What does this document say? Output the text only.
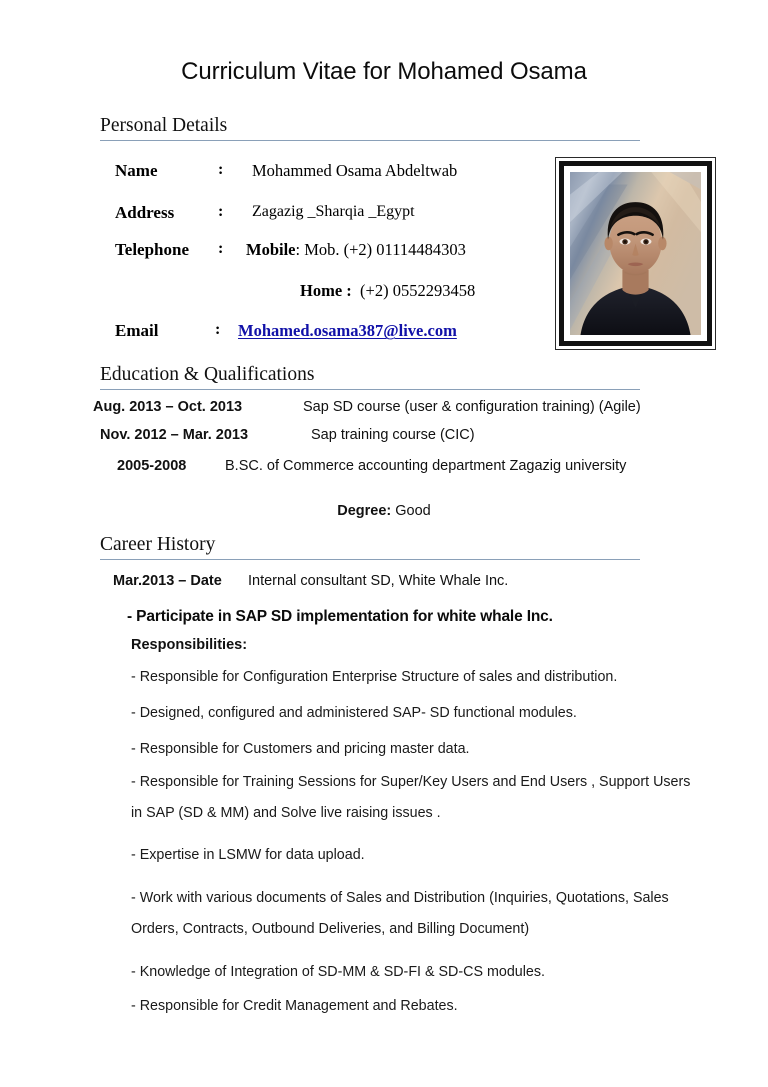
Curriculum Vitae for Mohamed Osama
Personal Details
Name	: Mohammed Osama Abdeltwab
Address	: Zagazig _Sharqia _Egypt
Telephone : Mobile: Mob. (+2) 01114484303
Home : (+2) 0552293458
Email	: Mohamed.osama387@live.com
Education & Qualifications
Aug. 2013 – Oct. 2013	Sap SD course (user & configuration training) (Agile)
Nov. 2012 – Mar. 2013	Sap training course (CIC)
2005-2008	B.SC. of Commerce accounting department Zagazig university
Degree: Good
Career History
Mar.2013 – Date Internal consultant SD, White Whale Inc.
- Participate in SAP SD implementation for white whale Inc.
Responsibilities:
- Responsible for Configuration Enterprise Structure of sales and distribution.
- Designed, configured and administered SAP- SD functional modules.
- Responsible for Customers and pricing master data.
- Responsible for Training Sessions for Super/Key Users and End Users , Support Users in SAP (SD & MM) and Solve live raising issues .
- Expertise in LSMW for data upload.
- Work with various documents of Sales and Distribution (Inquiries, Quotations, Sales Orders, Contracts, Outbound Deliveries, and Billing Document)
- Knowledge of Integration of SD-MM & SD-FI & SD-CS modules.
- Responsible for Credit Management and Rebates.
